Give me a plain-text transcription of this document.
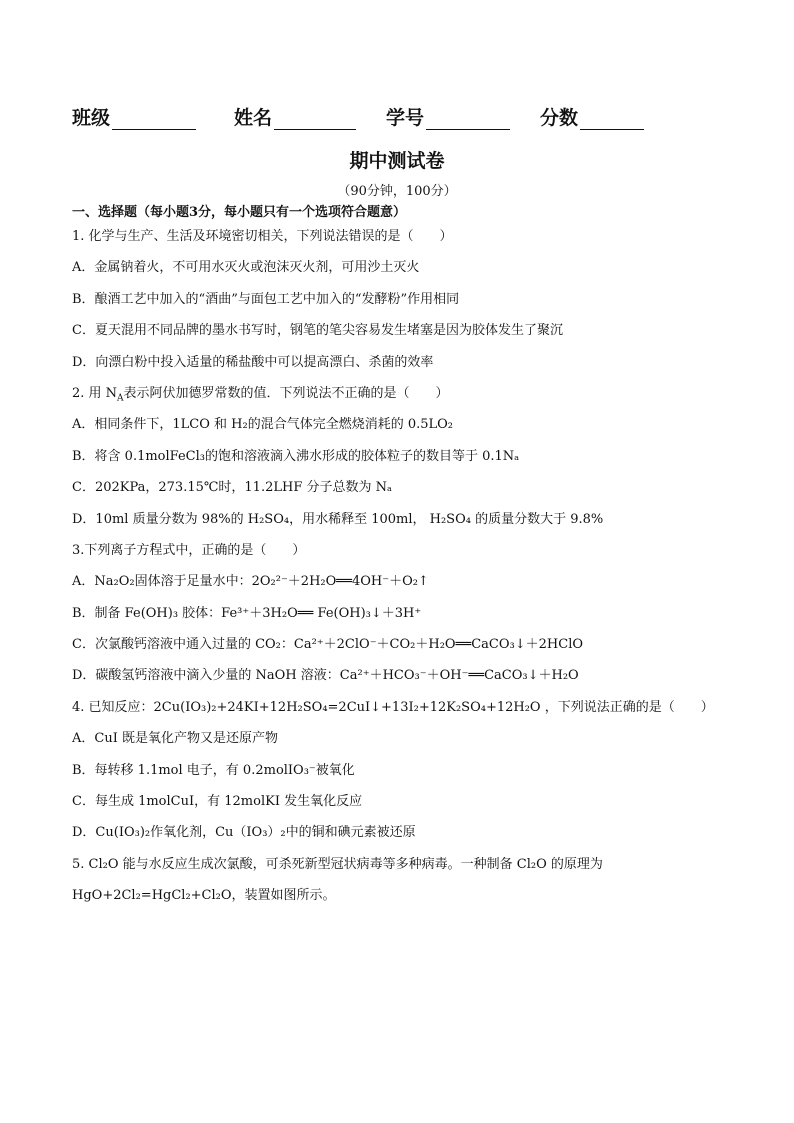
班级	姓名	学号	分数
期中测试卷
（90分钟，100分）
一、选择题（每小题3分，每小题只有一个选项符合题意）
1. 化学与生产、生活及环境密切相关，下列说法错误的是（　　）
A．金属钠着火，不可用水灭火或泡沫灭火剂，可用沙土灭火
B．酿酒工艺中加入的“酒曲”与面包工艺中加入的“发酵粉”作用相同
C．夏天混用不同品牌的墨水书写时，钢笔的笔尖容易发生堵塞是因为胶体发生了聚沉
D．向漂白粉中投入适量的稀盐酸中可以提高漂白、杀菌的效率
2. 用 $N_A$表示阿伏加德罗常数的值．下列说法不正确的是（　　）
A．相同条件下，1LCO 和 H₂的混合气体完全燃烧消耗的 0.5LO₂
B．将含 0.1molFeCl₃的饱和溶液滴入沸水形成的胶体粒子的数目等于 0.1Nₐ
C．202KPa，273.15℃时，11.2LHF 分子总数为 Nₐ
D．10ml 质量分数为 98%的 H₂SO₄，用水稀释至 100ml， H₂SO₄ 的质量分数大于 9.8%
3.下列离子方程式中，正确的是（　　）
A．Na₂O₂固体溶于足量水中：2O₂²⁻＋2H₂O══4OH⁻＋O₂↑
B．制备 Fe(OH)₃ 胶体：Fe³⁺＋3H₂O══ Fe(OH)₃↓＋3H⁺
C．次氯酸钙溶液中通入过量的 CO₂：Ca²⁺＋2ClO⁻＋CO₂＋H₂O══CaCO₃↓＋2HClO
D．碳酸氢钙溶液中滴入少量的 NaOH 溶液：Ca²⁺＋HCO₃⁻＋OH⁻══CaCO₃↓＋H₂O
4. 已知反应：2Cu(IO₃)₂+24KI+12H₂SO₄=2CuI↓+13I₂+12K₂SO₄+12H₂O ，下列说法正确的是（　　）
A．CuI 既是氧化产物又是还原产物
B．每转移 1.1mol 电子，有 0.2molIO₃⁻被氧化
C．每生成 1molCuI，有 12molKI 发生氧化反应
D．Cu(IO₃)₂作氧化剂，Cu（IO₃）₂中的铜和碘元素被还原
5. Cl₂O 能与水反应生成次氯酸，可杀死新型冠状病毒等多种病毒。一种制备 Cl₂O 的原理为
HgO+2Cl₂=HgCl₂+Cl₂O，装置如图所示。
